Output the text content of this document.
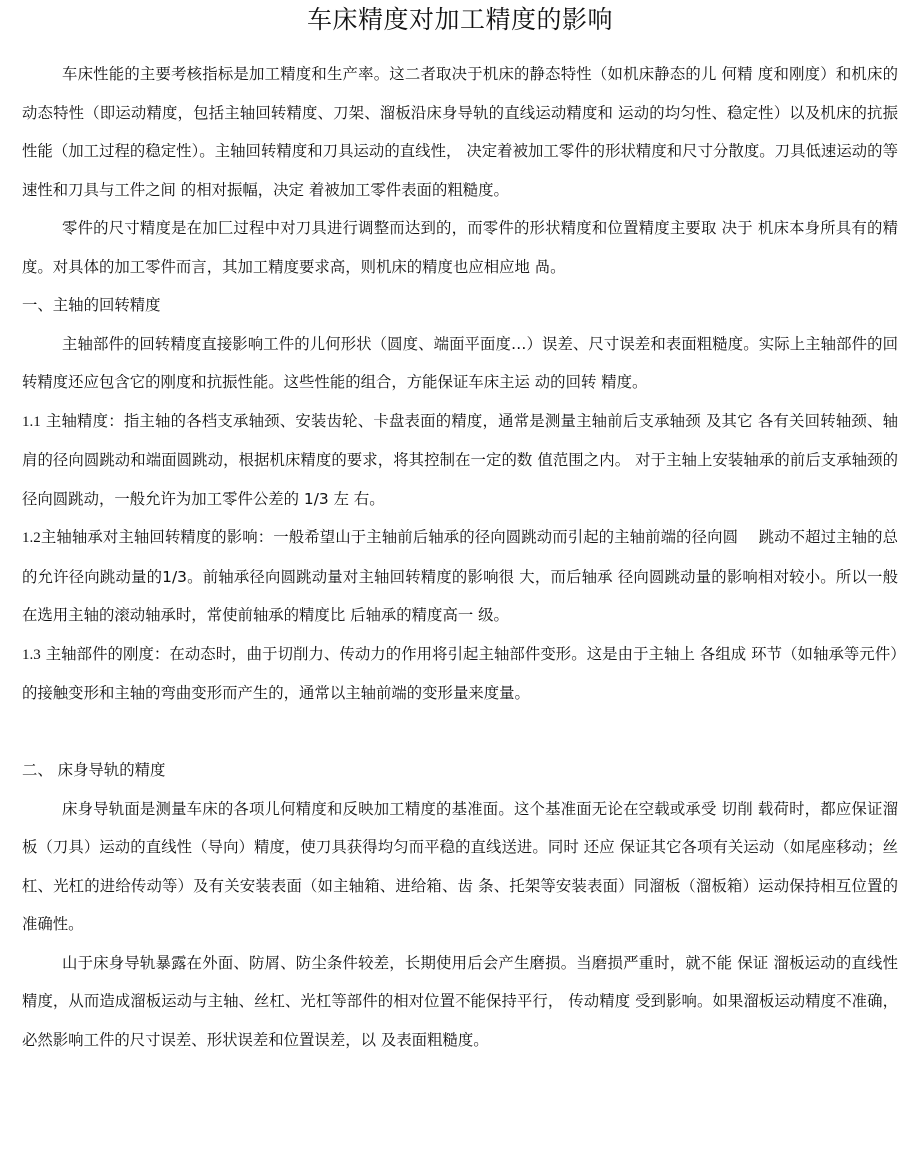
车床精度对加工精度的影响

车床性能的主要考核指标是加工精度和生产率。这二者取决于机床的静态特性（如机床静态的儿 何精 度和刚度）和机床的动态特性（即运动精度，包括主轴回转精度、刀架、溜板沿床身导轨的直线运动精度和 运动的均匀性、稳定性）以及机床的抗振性能（加工过程的稳定性）。主轴回转精度和刀具运动的直线性， 决定着被加工零件的形状精度和尺寸分散度。刀具低速运动的等速性和刀具与工件之间 的相对振幅，决定 着被加工零件表面的粗糙度。

零件的尺寸精度是在加匚过程中对刀具进行调整而达到的，而零件的形状精度和位置精度主要取 决于 机床本身所具有的精度。对具体的加工零件而言，其加工精度要求高，则机床的精度也应相应地 咼。

一、主轴的回转精度

主轴部件的回转精度直接影响工件的儿何形状（圆度、端面平面度…）误差、尺寸误差和表面粗糙度。实际上主轴部件的回转精度还应包含它的刚度和抗振性能。这些性能的组合，方能保证车床主运 动的回转 精度。

1.1 主轴精度：指主轴的各档支承轴颈、安装齿轮、卡盘表面的精度，通常是测量主轴前后支承轴颈 及其它 各有关回转轴颈、轴肩的径向圆跳动和端面圆跳动，根据机床精度的要求，将其控制在一定的数 值范围之内。 对于主轴上安装轴承的前后支承轴颈的径向圆跳动，一般允许为加工零件公差的 1/3 左 右。

1.2主轴轴承对主轴回转精度的影响：一般希望山于主轴前后轴承的径向圆跳动而引起的主轴前端的径向圆　 跳动不超过主轴的总的允许径向跳动量的1/3。前轴承径向圆跳动量对主轴回转精度的影响很 大，而后轴承 径向圆跳动量的影响相对较小。所以一般在选用主轴的滚动轴承时，常使前轴承的精度比 后轴承的精度高一 级。

1.3 主轴部件的刚度：在动态时，曲于切削力、传动力的作用将引起主轴部件变形。这是由于主轴上 各组成 环节（如轴承等元件）的接触变形和主轴的弯曲变形而产生的，通常以主轴前端的变形量来度量。

二、 床身导轨的精度

床身导轨面是测量车床的各项儿何精度和反映加工精度的基准面。这个基准面无论在空载或承受 切削 载荷时，都应保证溜板（刀具）运动的直线性（导向）精度，使刀具获得均匀而平稳的直线送进。同时 还应 保证其它各项有关运动（如尾座移动；丝杠、光杠的进给传动等）及有关安装表面（如主轴箱、进给箱、齿 条、托架等安装表面）同溜板（溜板箱）运动保持相互位置的准确性。

山于床身导轨暴露在外面、防屑、防尘条件较差，长期使用后会产生磨损。当磨损严重时，就不能 保证 溜板运动的直线性精度，从而造成溜板运动与主轴、丝杠、光杠等部件的相对位置不能保持平行， 传动精度 受到影响。如果溜板运动精度不准确，必然影响工件的尺寸误差、形状误差和位置误差，以 及表面粗糙度。
